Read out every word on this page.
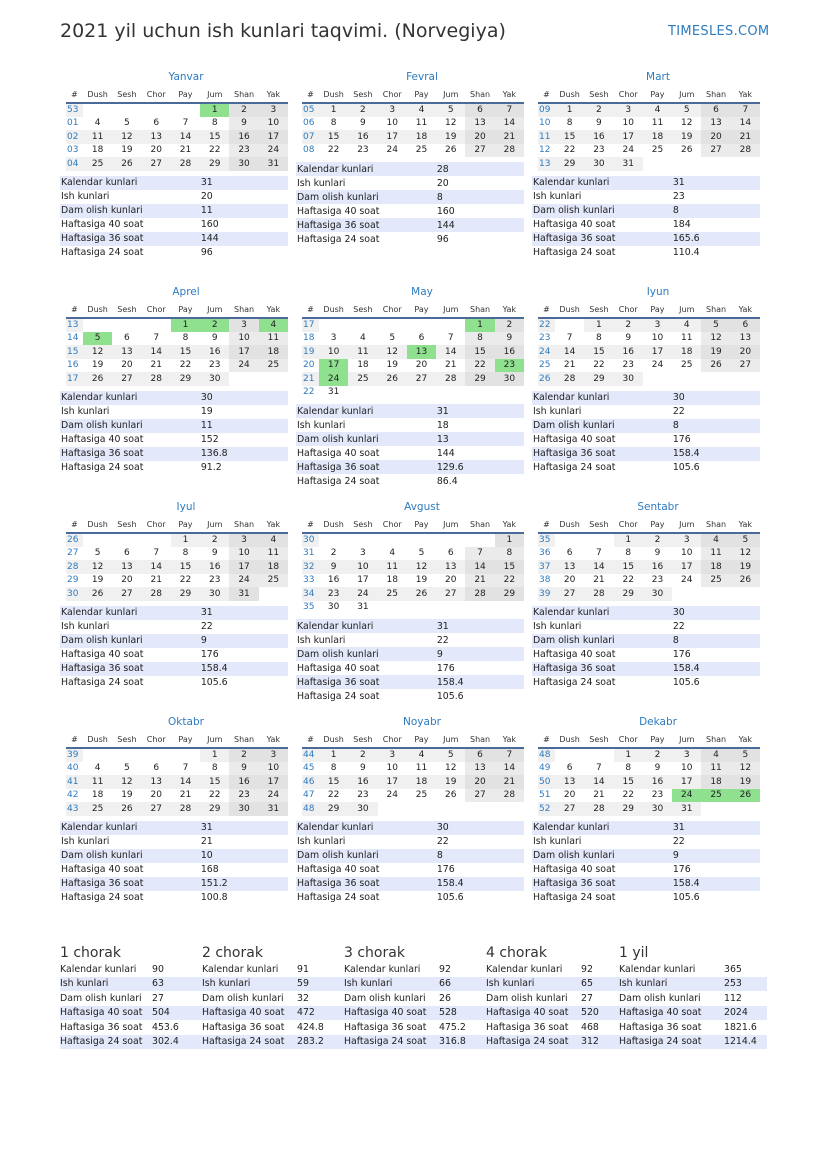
2021 yil uchun ish kunlari taqvimi. (Norvegiya)	TIMESLES.COM
Yanvar
#	Dush	Sesh	Chor	Pay	Jum	Shan	Yak
53					1	2	3
01	4	5	6	7	8	9	10
02	11	12	13	14	15	16	17
03	18	19	20	21	22	23	24
04	25	26	27	28	29	30	31
Kalendar kunlari	31
Ish kunlari	20
Dam olish kunlari	11
Haftasiga 40 soat	160
Haftasiga 36 soat	144
Haftasiga 24 soat	96
Fevral
#	Dush	Sesh	Chor	Pay	Jum	Shan	Yak
05	1	2	3	4	5	6	7
06	8	9	10	11	12	13	14
07	15	16	17	18	19	20	21
08	22	23	24	25	26	27	28
Kalendar kunlari	28
Ish kunlari	20
Dam olish kunlari	8
Haftasiga 40 soat	160
Haftasiga 36 soat	144
Haftasiga 24 soat	96
Mart
#	Dush	Sesh	Chor	Pay	Jum	Shan	Yak
09	1	2	3	4	5	6	7
10	8	9	10	11	12	13	14
11	15	16	17	18	19	20	21
12	22	23	24	25	26	27	28
13	29	30	31				
Kalendar kunlari	31
Ish kunlari	23
Dam olish kunlari	8
Haftasiga 40 soat	184
Haftasiga 36 soat	165.6
Haftasiga 24 soat	110.4
Aprel
#	Dush	Sesh	Chor	Pay	Jum	Shan	Yak
13				1	2	3	4
14	5	6	7	8	9	10	11
15	12	13	14	15	16	17	18
16	19	20	21	22	23	24	25
17	26	27	28	29	30		
Kalendar kunlari	30
Ish kunlari	19
Dam olish kunlari	11
Haftasiga 40 soat	152
Haftasiga 36 soat	136.8
Haftasiga 24 soat	91.2
May
#	Dush	Sesh	Chor	Pay	Jum	Shan	Yak
17						1	2
18	3	4	5	6	7	8	9
19	10	11	12	13	14	15	16
20	17	18	19	20	21	22	23
21	24	25	26	27	28	29	30
22	31						
Kalendar kunlari	31
Ish kunlari	18
Dam olish kunlari	13
Haftasiga 40 soat	144
Haftasiga 36 soat	129.6
Haftasiga 24 soat	86.4
Iyun
#	Dush	Sesh	Chor	Pay	Jum	Shan	Yak
22		1	2	3	4	5	6
23	7	8	9	10	11	12	13
24	14	15	16	17	18	19	20
25	21	22	23	24	25	26	27
26	28	29	30				
Kalendar kunlari	30
Ish kunlari	22
Dam olish kunlari	8
Haftasiga 40 soat	176
Haftasiga 36 soat	158.4
Haftasiga 24 soat	105.6
Iyul
#	Dush	Sesh	Chor	Pay	Jum	Shan	Yak
26				1	2	3	4
27	5	6	7	8	9	10	11
28	12	13	14	15	16	17	18
29	19	20	21	22	23	24	25
30	26	27	28	29	30	31	
Kalendar kunlari	31
Ish kunlari	22
Dam olish kunlari	9
Haftasiga 40 soat	176
Haftasiga 36 soat	158.4
Haftasiga 24 soat	105.6
Avgust
#	Dush	Sesh	Chor	Pay	Jum	Shan	Yak
30							1
31	2	3	4	5	6	7	8
32	9	10	11	12	13	14	15
33	16	17	18	19	20	21	22
34	23	24	25	26	27	28	29
35	30	31					
Kalendar kunlari	31
Ish kunlari	22
Dam olish kunlari	9
Haftasiga 40 soat	176
Haftasiga 36 soat	158.4
Haftasiga 24 soat	105.6
Sentabr
#	Dush	Sesh	Chor	Pay	Jum	Shan	Yak
35			1	2	3	4	5
36	6	7	8	9	10	11	12
37	13	14	15	16	17	18	19
38	20	21	22	23	24	25	26
39	27	28	29	30			
Kalendar kunlari	30
Ish kunlari	22
Dam olish kunlari	8
Haftasiga 40 soat	176
Haftasiga 36 soat	158.4
Haftasiga 24 soat	105.6
Oktabr
#	Dush	Sesh	Chor	Pay	Jum	Shan	Yak
39					1	2	3
40	4	5	6	7	8	9	10
41	11	12	13	14	15	16	17
42	18	19	20	21	22	23	24
43	25	26	27	28	29	30	31
Kalendar kunlari	31
Ish kunlari	21
Dam olish kunlari	10
Haftasiga 40 soat	168
Haftasiga 36 soat	151.2
Haftasiga 24 soat	100.8
Noyabr
#	Dush	Sesh	Chor	Pay	Jum	Shan	Yak
44	1	2	3	4	5	6	7
45	8	9	10	11	12	13	14
46	15	16	17	18	19	20	21
47	22	23	24	25	26	27	28
48	29	30					
Kalendar kunlari	30
Ish kunlari	22
Dam olish kunlari	8
Haftasiga 40 soat	176
Haftasiga 36 soat	158.4
Haftasiga 24 soat	105.6
Dekabr
#	Dush	Sesh	Chor	Pay	Jum	Shan	Yak
48			1	2	3	4	5
49	6	7	8	9	10	11	12
50	13	14	15	16	17	18	19
51	20	21	22	23	24	25	26
52	27	28	29	30	31		
Kalendar kunlari	31
Ish kunlari	22
Dam olish kunlari	9
Haftasiga 40 soat	176
Haftasiga 36 soat	158.4
Haftasiga 24 soat	105.6
1 chorak
Kalendar kunlari	90
Ish kunlari	63
Dam olish kunlari	27
Haftasiga 40 soat	504
Haftasiga 36 soat	453.6
Haftasiga 24 soat	302.4
2 chorak
Kalendar kunlari	91
Ish kunlari	59
Dam olish kunlari	32
Haftasiga 40 soat	472
Haftasiga 36 soat	424.8
Haftasiga 24 soat	283.2
3 chorak
Kalendar kunlari	92
Ish kunlari	66
Dam olish kunlari	26
Haftasiga 40 soat	528
Haftasiga 36 soat	475.2
Haftasiga 24 soat	316.8
4 chorak
Kalendar kunlari	92
Ish kunlari	65
Dam olish kunlari	27
Haftasiga 40 soat	520
Haftasiga 36 soat	468
Haftasiga 24 soat	312
1 yil
Kalendar kunlari	365
Ish kunlari	253
Dam olish kunlari	112
Haftasiga 40 soat	2024
Haftasiga 36 soat	1821.6
Haftasiga 24 soat	1214.4
